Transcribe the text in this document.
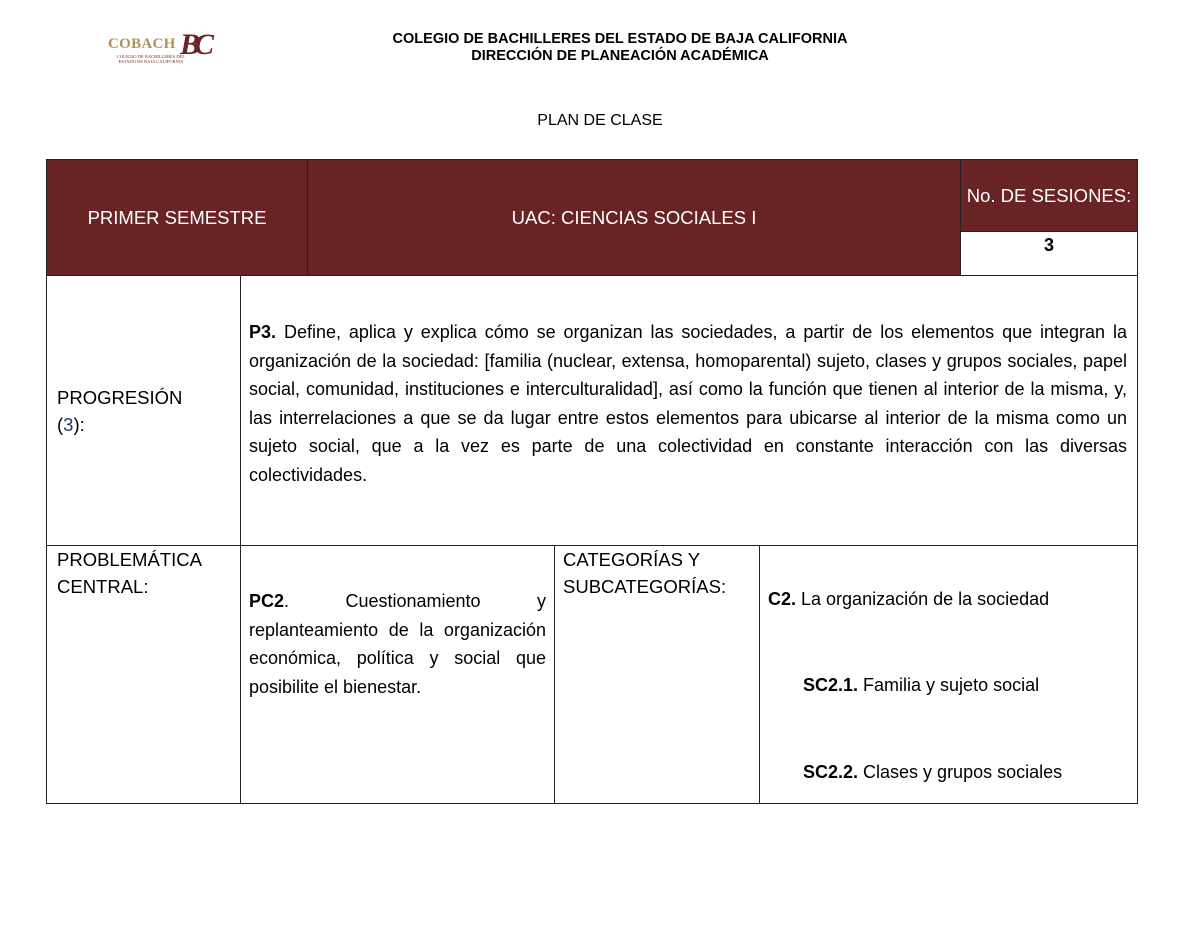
COBACH
COLEGIO DE BACHILLERES DEL ESTADO DE BAJA CALIFORNIA
BC	COLEGIO DE BACHILLERES DEL ESTADO DE BAJA CALIFORNIA
DIRECCIÓN DE PLANEACIÓN ACADÉMICA
PLAN DE CLASE
PRIMER SEMESTRE	UAC: CIENCIAS SOCIALES I
No. DE SESIONES:
3
PROGRESIÓN
(3):
P3. Define, aplica y explica cómo se organizan las sociedades, a partir de los elementos que integran la organización de la sociedad: [familia (nuclear, extensa, homoparental) sujeto, clases y grupos sociales, papel social, comunidad, instituciones e interculturalidad], así como la función que tienen al interior de la misma, y, las interrelaciones a que se da lugar entre estos elementos para ubicarse al interior de la misma como un sujeto social, que a la vez es parte de una colectividad en constante interacción con las diversas colectividades.
PROBLEMÁTICA CENTRAL:
PC2. Cuestionamiento y replanteamiento de la organización económica, política y social que posibilite el bienestar.
CATEGORÍAS Y SUBCATEGORÍAS:
C2. La organización de la sociedad
SC2.1. Familia y sujeto social
SC2.2. Clases y grupos sociales
